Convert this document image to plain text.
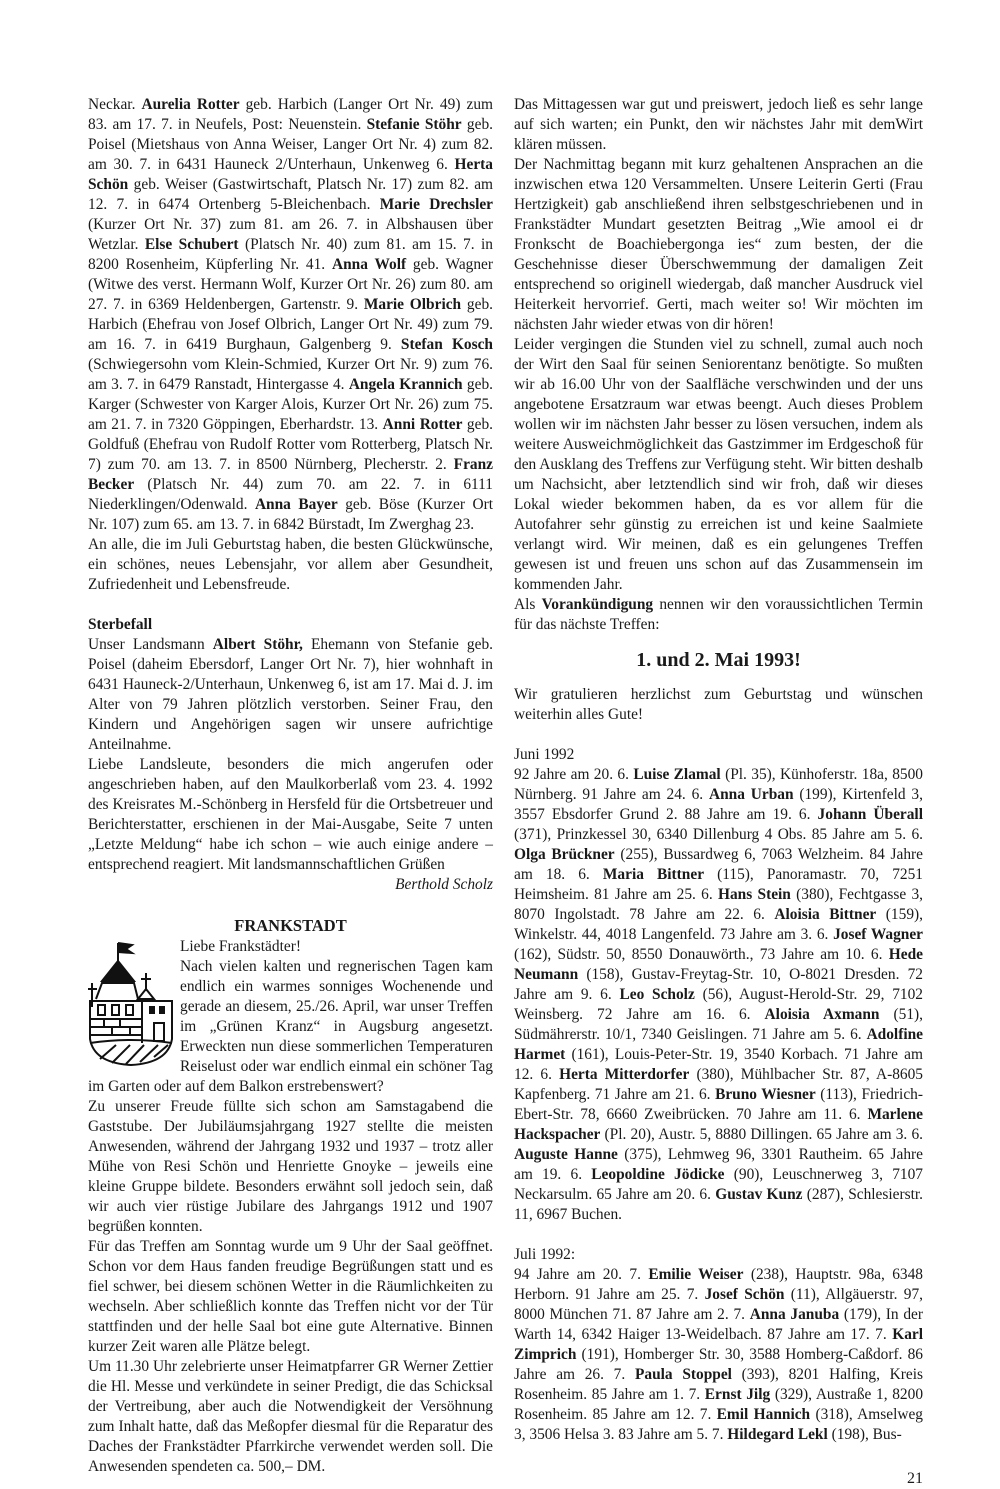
Neckar. Aurelia Rotter geb. Harbich (Langer Ort Nr. 49) zum 83. am 17. 7. in Neufels, Post: Neuenstein. Stefanie Stöhr geb. Poisel (Mietshaus von Anna Weiser, Langer Ort Nr. 4) zum 82. am 30. 7. in 6431 Hauneck 2/Unterhaun, Unkenweg 6. Herta Schön geb. Weiser (Gastwirtschaft, Platsch Nr. 17) zum 82. am 12. 7. in 6474 Ortenberg 5-Bleichenbach. Marie Drechsler (Kurzer Ort Nr. 37) zum 81. am 26. 7. in Albshausen über Wetzlar. Else Schubert (Platsch Nr. 40) zum 81. am 15. 7. in 8200 Rosenheim, Küpferling Nr. 41. Anna Wolf geb. Wagner (Witwe des verst. Hermann Wolf, Kurzer Ort Nr. 26) zum 80. am 27. 7. in 6369 Heldenbergen, Gartenstr. 9. Marie Olbrich geb. Harbich (Ehefrau von Josef Olbrich, Langer Ort Nr. 49) zum 79. am 16. 7. in 6419 Burghaun, Galgenberg 9. Stefan Kosch (Schwiegersohn vom Klein-Schmied, Kurzer Ort Nr. 9) zum 76. am 3. 7. in 6479 Ranstadt, Hintergasse 4. Angela Krannich geb. Karger (Schwester von Karger Alois, Kurzer Ort Nr. 26) zum 75. am 21. 7. in 7320 Göppingen, Eberhardstr. 13. Anni Rotter geb. Goldfuß (Ehefrau von Rudolf Rotter vom Rotterberg, Platsch Nr. 7) zum 70. am 13. 7. in 8500 Nürnberg, Plecherstr. 2. Franz Becker (Platsch Nr. 44) zum 70. am 22. 7. in 6111 Niederklingen/Odenwald. Anna Bayer geb. Böse (Kurzer Ort Nr. 107) zum 65. am 13. 7. in 6842 Bürstadt, Im Zwerghag 23.

An alle, die im Juli Geburtstag haben, die besten Glückwünsche, ein schönes, neues Lebensjahr, vor allem aber Gesundheit, Zufriedenheit und Lebensfreude.

Sterbefall

Unser Landsmann Albert Stöhr, Ehemann von Stefanie geb. Poisel (daheim Ebersdorf, Langer Ort Nr. 7), hier wohnhaft in 6431 Hauneck-2/Unterhaun, Unkenweg 6, ist am 17. Mai d. J. im Alter von 79 Jahren plötzlich verstorben. Seiner Frau, den Kindern und Angehörigen sagen wir unsere aufrichtige Anteilnahme.

Liebe Landsleute, besonders die mich angerufen oder angeschrieben haben, auf den Maulkorberlaß vom 23. 4. 1992 des Kreisrates M.-Schönberg in Hersfeld für die Ortsbetreuer und Berichterstatter, erschienen in der Mai-Ausgabe, Seite 7 unten „Letzte Meldung“ habe ich schon – wie auch einige andere – entsprechend reagiert. Mit landsmannschaftlichen Grüßen

Berthold Scholz

FRANKSTADT

Liebe Frankstädter!

Nach vielen kalten und regnerischen Tagen kam endlich ein warmes sonniges Wochenende und gerade an diesem, 25./26. April, war unser Treffen im „Grünen Kranz“ in Augsburg angesetzt. Erweckten nun diese sommerlichen Temperaturen Reiselust oder war endlich einmal ein schöner Tag im Garten oder auf dem Balkon erstrebenswert?

Zu unserer Freude füllte sich schon am Samstagabend die Gaststube. Der Jubiläumsjahrgang 1927 stellte die meisten Anwesenden, während der Jahrgang 1932 und 1937 – trotz aller Mühe von Resi Schön und Henriette Gnoyke – jeweils eine kleine Gruppe bildete. Besonders erwähnt soll jedoch sein, daß wir auch vier rüstige Jubilare des Jahrgangs 1912 und 1907 begrüßen konnten.

Für das Treffen am Sonntag wurde um 9 Uhr der Saal geöffnet. Schon vor dem Haus fanden freudige Begrüßungen statt und es fiel schwer, bei diesem schönen Wetter in die Räumlichkeiten zu wechseln. Aber schließlich konnte das Treffen nicht vor der Tür stattfinden und der helle Saal bot eine gute Alternative. Binnen kurzer Zeit waren alle Plätze belegt.

Um 11.30 Uhr zelebrierte unser Heimatpfarrer GR Werner Zettier die Hl. Messe und verkündete in seiner Predigt, die das Schicksal der Vertreibung, aber auch die Notwendigkeit der Versöhnung zum Inhalt hatte, daß das Meßopfer diesmal für die Reparatur des Daches der Frankstädter Pfarrkirche verwendet werden soll. Die Anwesenden spendeten ca. 500,– DM.

Das Mittagessen war gut und preiswert, jedoch ließ es sehr lange auf sich warten; ein Punkt, den wir nächstes Jahr mit demWirt klären müssen.

Der Nachmittag begann mit kurz gehaltenen Ansprachen an die inzwischen etwa 120 Versammelten. Unsere Leiterin Gerti (Frau Hertzigkeit) gab anschließend ihren selbstgeschriebenen und in Frankstädter Mundart gesetzten Beitrag „Wie amool ei dr Fronkscht de Boachiebergonga ies“ zum besten, der die Geschehnisse dieser Überschwemmung der damaligen Zeit entsprechend so originell wiedergab, daß mancher Ausdruck viel Heiterkeit hervorrief. Gerti, mach weiter so! Wir möchten im nächsten Jahr wieder etwas von dir hören!

Leider vergingen die Stunden viel zu schnell, zumal auch noch der Wirt den Saal für seinen Seniorentanz benötigte. So mußten wir ab 16.00 Uhr von der Saalfläche verschwinden und der uns angebotene Ersatzraum war etwas beengt. Auch dieses Problem wollen wir im nächsten Jahr besser zu lösen versuchen, indem als weitere Ausweichmöglichkeit das Gastzimmer im Erdgeschoß für den Ausklang des Treffens zur Verfügung steht. Wir bitten deshalb um Nachsicht, aber letztendlich sind wir froh, daß wir dieses Lokal wieder bekommen haben, da es vor allem für die Autofahrer sehr günstig zu erreichen ist und keine Saalmiete verlangt wird. Wir meinen, daß es ein gelungenes Treffen gewesen ist und freuen uns schon auf das Zusammensein im kommenden Jahr.

Als Vorankündigung nennen wir den voraussichtlichen Termin für das nächste Treffen:

1. und 2. Mai 1993!

Wir gratulieren herzlichst zum Geburtstag und wünschen weiterhin alles Gute!

Juni 1992

92 Jahre am 20. 6. Luise Zlamal (Pl. 35), Künhoferstr. 18a, 8500 Nürnberg. 91 Jahre am 24. 6. Anna Urban (199), Kirtenfeld 3, 3557 Ebsdorfer Grund 2. 88 Jahre am 19. 6. Johann Überall (371), Prinzkessel 30, 6340 Dillenburg 4 Obs. 85 Jahre am 5. 6. Olga Brückner (255), Bussardweg 6, 7063 Welzheim. 84 Jahre am 18. 6. Maria Bittner (115), Panoramastr. 70, 7251 Heimsheim. 81 Jahre am 25. 6. Hans Stein (380), Fechtgasse 3, 8070 Ingolstadt. 78 Jahre am 22. 6. Aloisia Bittner (159), Winkelstr. 44, 4018 Langenfeld. 73 Jahre am 3. 6. Josef Wagner (162), Südstr. 50, 8550 Donauwörth., 73 Jahre am 10. 6. Hede Neumann (158), Gustav-Freytag-Str. 10, O-8021 Dresden. 72 Jahre am 9. 6. Leo Scholz (56), August-Herold-Str. 29, 7102 Weinsberg. 72 Jahre am 16. 6. Aloisia Axmann (51), Südmährerstr. 10/1, 7340 Geislingen. 71 Jahre am 5. 6. Adolfine Harmet (161), Louis-Peter-Str. 19, 3540 Korbach. 71 Jahre am 12. 6. Herta Mitterdorfer (380), Mühlbacher Str. 87, A-8605 Kapfenberg. 71 Jahre am 21. 6. Bruno Wiesner (113), Friedrich-Ebert-Str. 78, 6660 Zweibrücken. 70 Jahre am 11. 6. Marlene Hackspacher (Pl. 20), Austr. 5, 8880 Dillingen. 65 Jahre am 3. 6. Auguste Hanne (375), Lehmweg 96, 3301 Rautheim. 65 Jahre am 19. 6. Leopoldine Jödicke (90), Leuschnerweg 3, 7107 Neckarsulm. 65 Jahre am 20. 6. Gustav Kunz (287), Schlesierstr. 11, 6967 Buchen.

Juli 1992:

94 Jahre am 20. 7. Emilie Weiser (238), Hauptstr. 98a, 6348 Herborn. 91 Jahre am 25. 7. Josef Schön (11), Allgäuerstr. 97, 8000 München 71. 87 Jahre am 2. 7. Anna Januba (179), In der Warth 14, 6342 Haiger 13-Weidelbach. 87 Jahre am 17. 7. Karl Zimprich (191), Homberger Str. 30, 3588 Homberg-Caßdorf. 86 Jahre am 26. 7. Paula Stoppel (393), 8201 Halfing, Kreis Rosenheim. 85 Jahre am 1. 7. Ernst Jilg (329), Austraße 1, 8200 Rosenheim. 85 Jahre am 12. 7. Emil Hannich (318), Amselweg 3, 3506 Helsa 3. 83 Jahre am 5. 7. Hildegard Lekl (198), Bus-

21
